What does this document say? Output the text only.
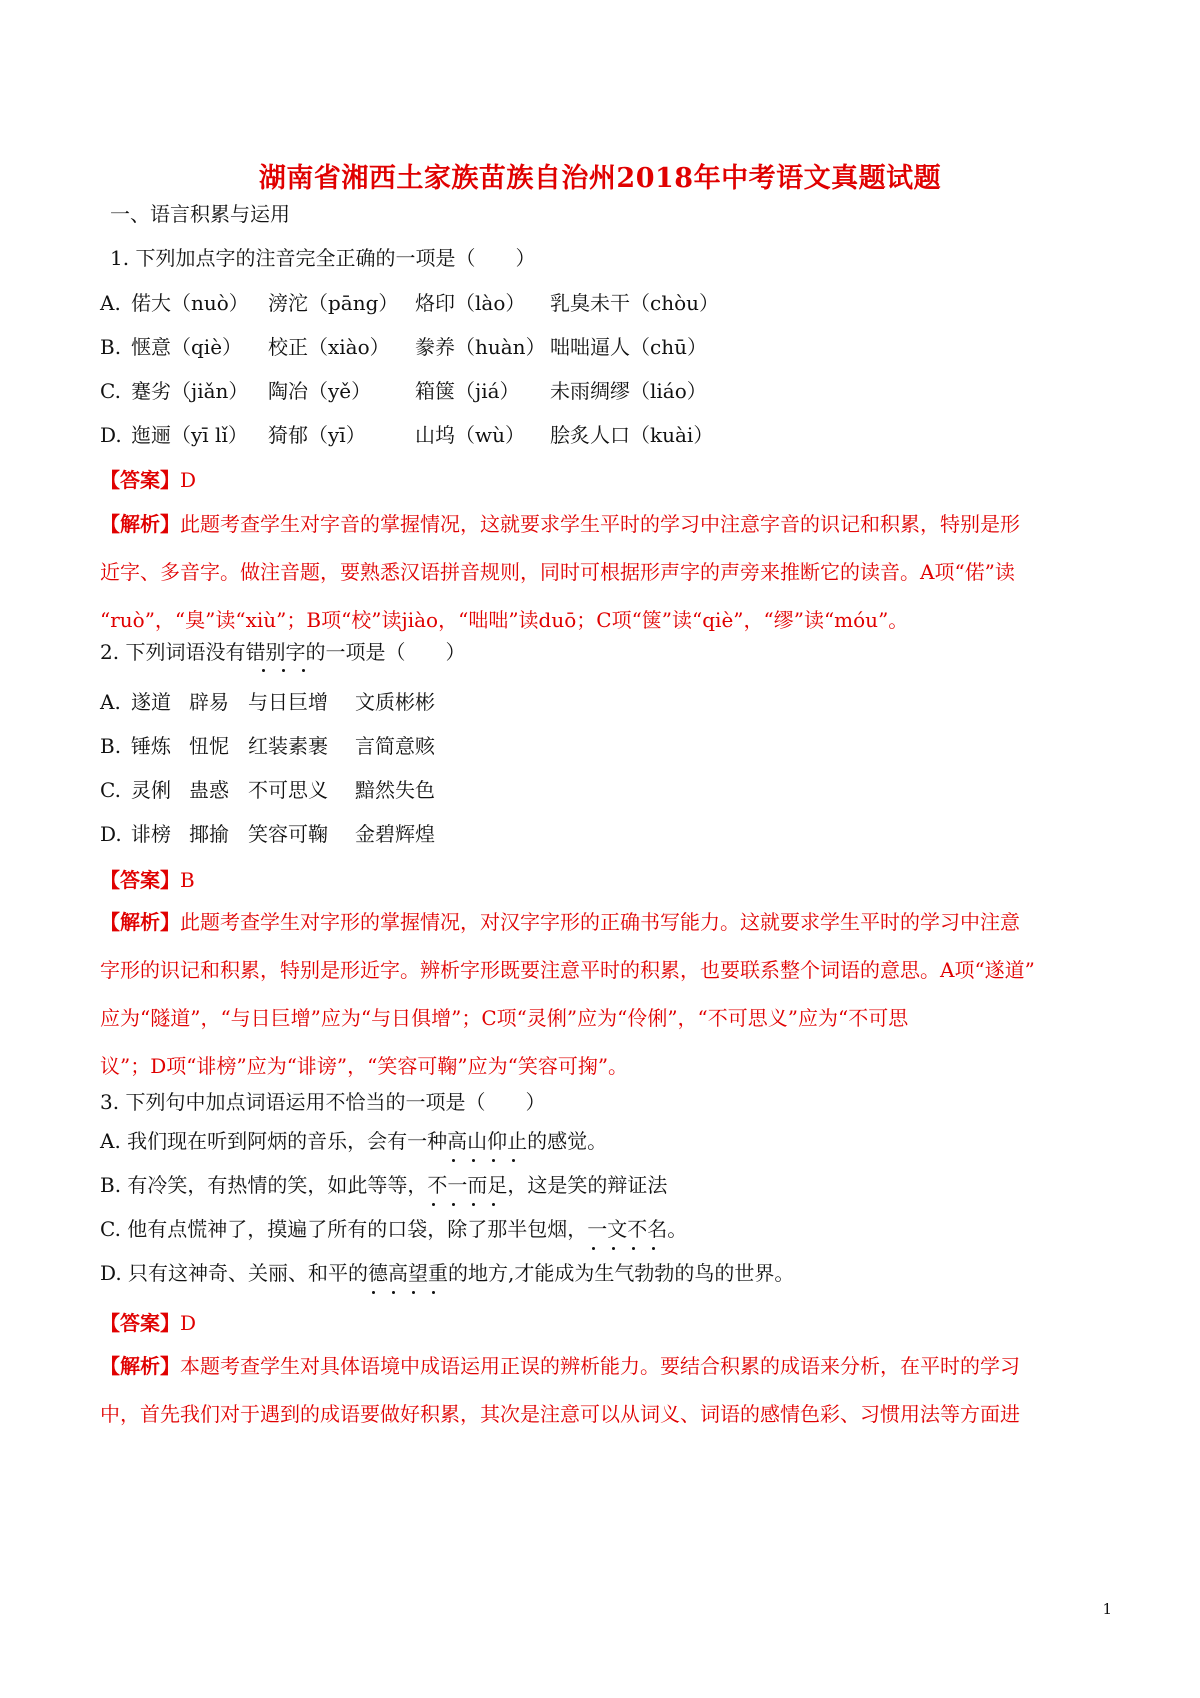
湖南省湘西土家族苗族自治州2018年中考语文真题试题
一、语言积累与运用
1. 下列加点字的注音完全正确的一项是（　　）
A. 偌大（nuò） 滂沱（pāng） 烙印（lào） 乳臭未干（chòu）
B. 惬意（qiè） 校正（xiào） 豢养（huàn） 咄咄逼人（chū）
C. 蹇劣（jiǎn） 陶冶（yě） 箱箧（jiá） 未雨绸缪（liáo）
D. 迤逦（yī lǐ） 猗郁（yī） 山坞（wù） 脍炙人口（kuài）
【答案】D
【解析】此题考查学生对字音的掌握情况，这就要求学生平时的学习中注意字音的识记和积累，特别是形
近字、多音字。做注音题，要熟悉汉语拼音规则，同时可根据形声字的声旁来推断它的读音。A项“偌”读
“ruò”，“臭”读“xiù”；B项“校”读jiào，“咄咄”读duō；C项“箧”读“qiè”，“缪”读“móu”。
2. 下列词语没有错别字的一项是（　　）
A. 遂道 辟易 与日巨增 文质彬彬
B. 锤炼 忸怩 红装素裹 言简意赅
C. 灵俐 蛊惑 不可思义 黯然失色
D. 诽榜 揶揄 笑容可鞠 金碧辉煌
【答案】B
【解析】此题考查学生对字形的掌握情况，对汉字字形的正确书写能力。这就要求学生平时的学习中注意
字形的识记和积累，特别是形近字。辨析字形既要注意平时的积累，也要联系整个词语的意思。A项“遂道”
应为“隧道”，“与日巨增”应为“与日俱增”；C项“灵俐”应为“伶俐”，“不可思义”应为“不可思
议”；D项“诽榜”应为“诽谤”，“笑容可鞠”应为“笑容可掬”。
3. 下列句中加点词语运用不恰当的一项是（　　）
A. 我们现在听到阿炳的音乐，会有一种高山仰止的感觉。
B. 有冷笑，有热情的笑，如此等等，不一而足，这是笑的辩证法
C. 他有点慌神了，摸遍了所有的口袋，除了那半包烟，一文不名。
D. 只有这神奇、关丽、和平的德高望重的地方,才能成为生气勃勃的鸟的世界。
【答案】D
【解析】本题考查学生对具体语境中成语运用正误的辨析能力。要结合积累的成语来分析，在平时的学习
中，首先我们对于遇到的成语要做好积累，其次是注意可以从词义、词语的感情色彩、习惯用法等方面进
1
